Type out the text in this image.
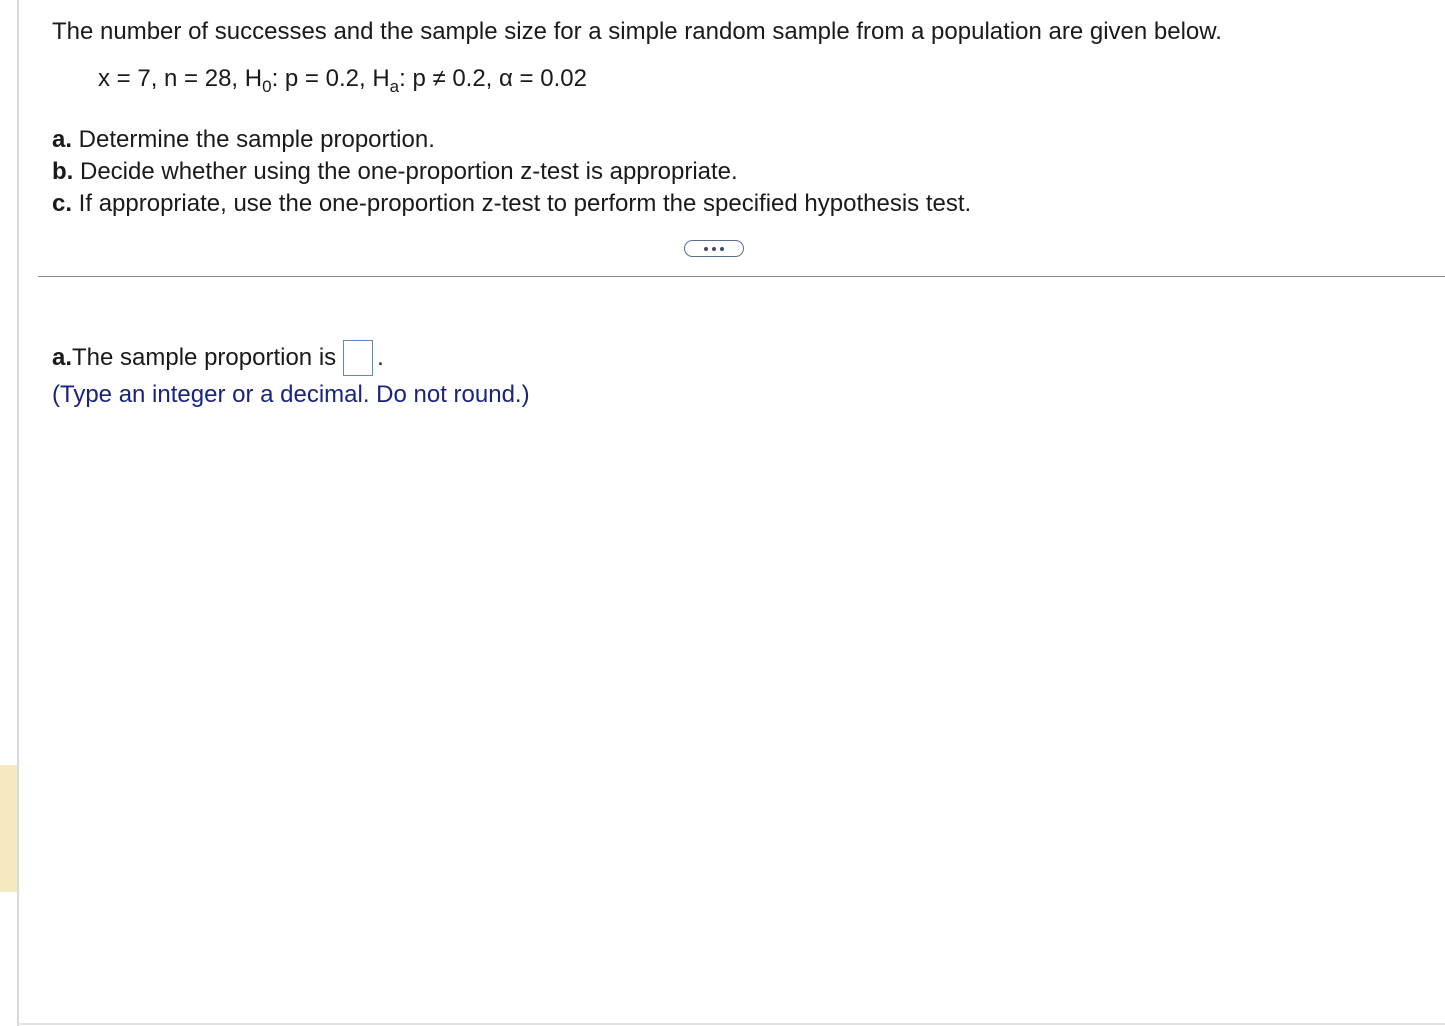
The number of successes and the sample size for a simple random sample from a population are given below.
x = 7, n = 28, $H_0$: p = 0.2, $H_a$: p ≠ 0.2, α = 0.02
a. Determine the sample proportion.
b. Decide whether using the one-proportion z-test is appropriate.
c. If appropriate, use the one-proportion z-test to perform the specified hypothesis test.
a. The sample proportion is .
(Type an integer or a decimal. Do not round.)
